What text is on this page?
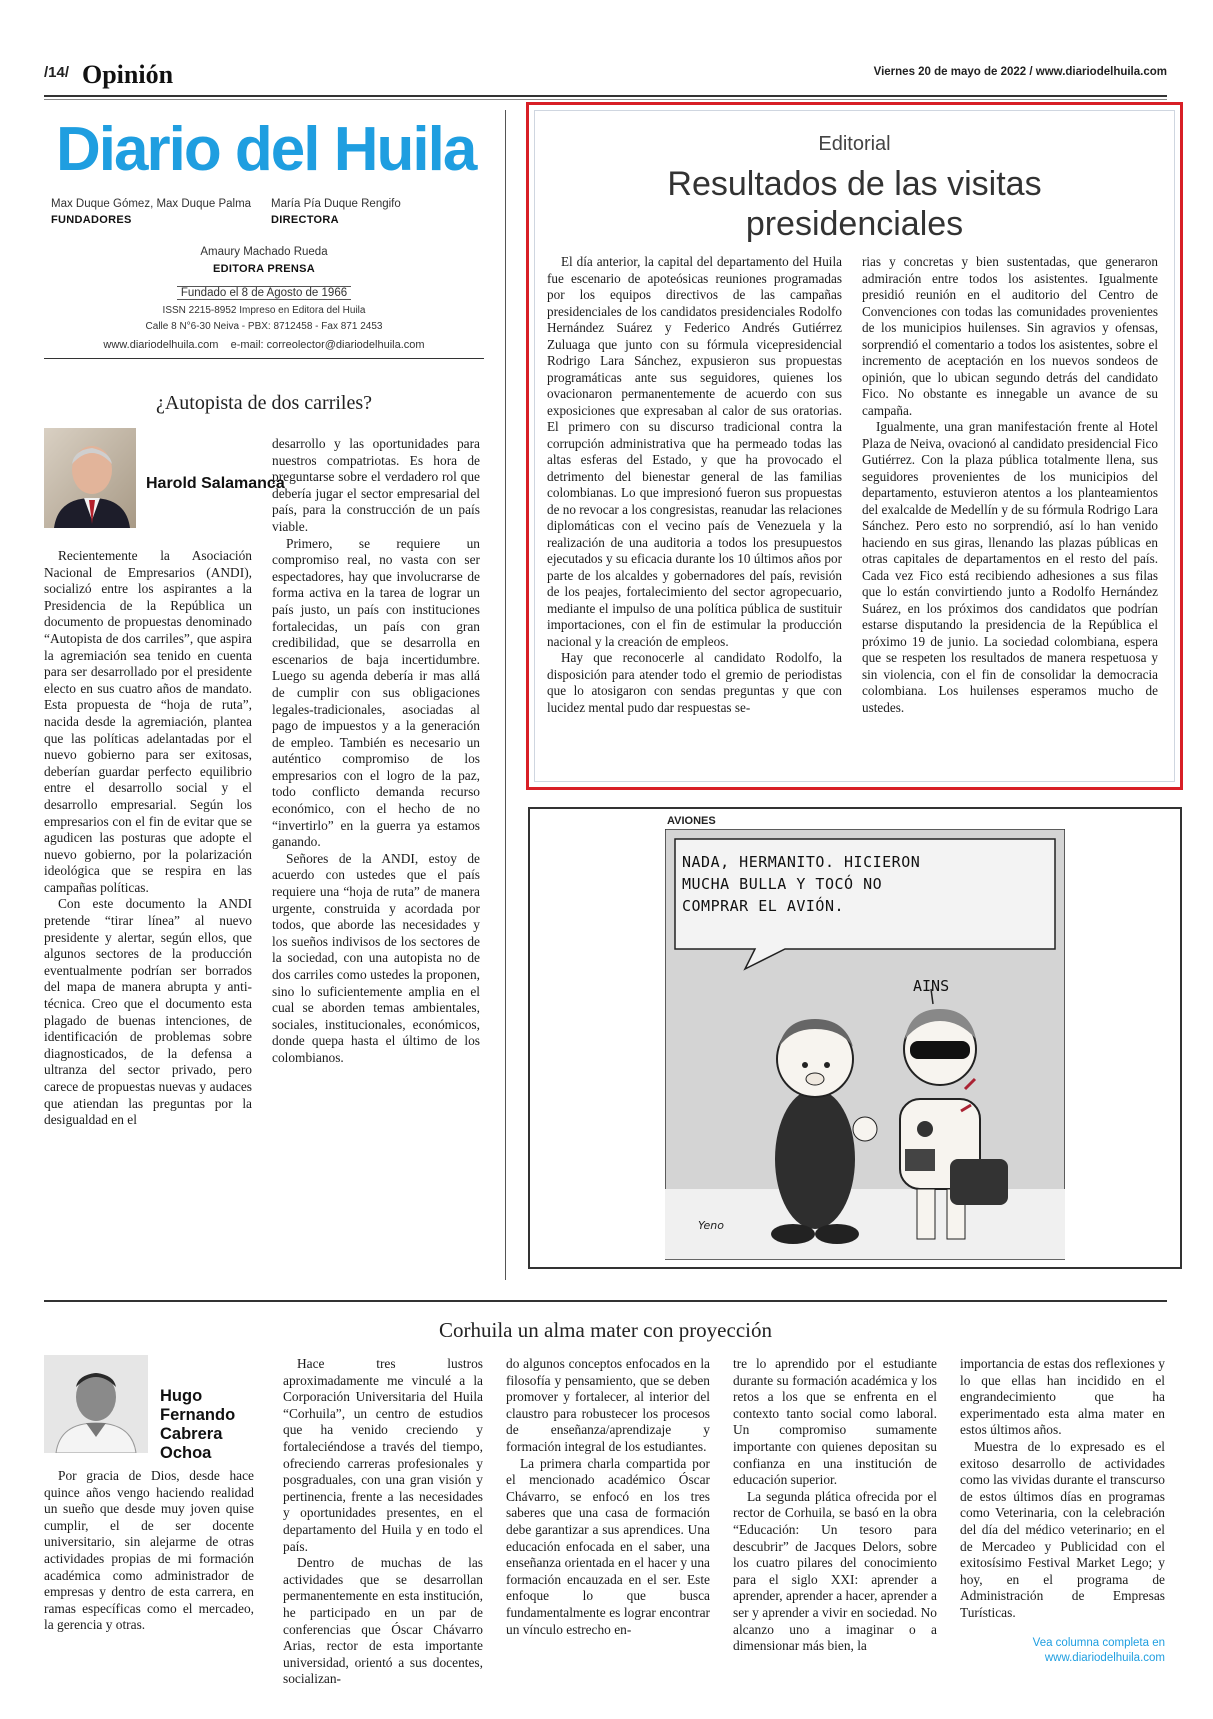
/14/ Opinión	Viernes 20 de mayo de 2022 / www.diariodelhuila.com
Diario del Huila
Max Duque Gómez, Max Duque Palma
FUNDADORES
María Pía Duque Rengifo
DIRECTORA
Amaury Machado Rueda
EDITORA PRENSA
Fundado el 8 de Agosto de 1966
ISSN 2215-8952 Impreso en Editora del Huila
Calle 8 N°6-30 Neiva - PBX: 8712458 - Fax 871 2453
www.diariodelhuila.com    e-mail: correolector@diariodelhuila.com
¿Autopista de dos carriles?
Harold Salamanca

Recientemente la Asociación Nacional de Empresarios (ANDI), socializó entre los aspirantes a la Presidencia de la República un documento de propuestas denominado “Autopista de dos carriles”, que aspira la agremiación sea tenido en cuenta para ser desarrollado por el presidente electo en sus cuatro años de mandato. Esta propuesta de “hoja de ruta”, nacida desde la agremiación, plantea que las políticas adelantadas por el nuevo gobierno para ser exitosas, deberían guardar perfecto equilibrio entre el desarrollo social y el desarrollo empresarial. Según los empresarios con el fin de evitar que se agudicen las posturas que adopte el nuevo gobierno, por la polarización ideológica que se respira en las campañas políticas.

Con este documento la ANDI pretende “tirar línea” al nuevo presidente y alertar, según ellos, que algunos sectores de la producción eventualmente podrían ser borrados del mapa de manera abrupta y anti-técnica. Creo que el documento esta plagado de buenas intenciones, de identificación de problemas sobre diagnosticados, de la defensa a ultranza del sector privado, pero carece de propuestas nuevas y audaces que atiendan las preguntas por la desigualdad en el

desarrollo y las oportunidades para nuestros compatriotas. Es hora de preguntarse sobre el verdadero rol que debería jugar el sector empresarial del país, para la construcción de un país viable.

Primero, se requiere un compromiso real, no vasta con ser espectadores, hay que involucrarse de forma activa en la tarea de lograr un país justo, un país con instituciones fortalecidas, un país con gran credibilidad, que se desarrolla en escenarios de baja incertidumbre. Luego su agenda debería ir mas allá de cumplir con sus obligaciones legales-tradicionales, asociadas al pago de impuestos y a la generación de empleo. También es necesario un auténtico compromiso de los empresarios con el logro de la paz, todo conflicto demanda recurso económico, con el hecho de no “invertirlo” en la guerra ya estamos ganando.

Señores de la ANDI, estoy de acuerdo con ustedes que el país requiere una “hoja de ruta” de manera urgente, construida y acordada por todos, que aborde las necesidades y los sueños indivisos de los sectores de la sociedad, con una autopista no de dos carriles como ustedes la proponen, sino lo suficientemente amplia en el cual se aborden temas ambientales, sociales, institucionales, económicos, donde quepa hasta el último de los colombianos.

Editorial
Resultados de las visitas
presidenciales

El día anterior, la capital del departamento del Huila fue escenario de apoteósicas reuniones programadas por los equipos directivos de las campañas presidenciales de los candidatos presidenciales Rodolfo Hernández Suárez y Federico Andrés Gutiérrez Zuluaga que junto con su fórmula vicepresidencial Rodrigo Lara Sánchez, expusieron sus propuestas programáticas ante sus seguidores, quienes los ovacionaron permanentemente de acuerdo con sus exposiciones que expresaban al calor de sus oratorias. El primero con su discurso tradicional contra la corrupción administrativa que ha permeado todas las altas esferas del Estado, y que ha provocado el detrimento del bienestar general de las familias colombianas. Lo que impresionó fueron sus propuestas de no revocar a los congresistas, reanudar las relaciones diplomáticas con el vecino país de Venezuela y la realización de una auditoria a todos los presupuestos ejecutados y su eficacia durante los 10 últimos años por parte de los alcaldes y gobernadores del país, revisión de los peajes, fortalecimiento del sector agropecuario, mediante el impulso de una política pública de sustituir importaciones, con el fin de estimular la producción nacional y la creación de empleos.

Hay que reconocerle al candidato Rodolfo, la disposición para atender todo el gremio de periodistas que lo atosigaron con sendas preguntas y que con lucidez mental pudo dar respuestas se-

rias y concretas y bien sustentadas, que generaron admiración entre todos los asistentes. Igualmente presidió reunión en el auditorio del Centro de Convenciones con todas las comunidades provenientes de los municipios huilenses. Sin agravios y ofensas, sorprendió el comentario a todos los asistentes, sobre el incremento de aceptación en los nuevos sondeos de opinión, que lo ubican segundo detrás del candidato Fico. No obstante es innegable un avance de su campaña.

Igualmente, una gran manifestación frente al Hotel Plaza de Neiva, ovacionó al candidato presidencial Fico Gutiérrez. Con la plaza pública totalmente llena, sus seguidores provenientes de los municipios del departamento, estuvieron atentos a los planteamientos del exalcalde de Medellín y de su fórmula Rodrigo Lara Sánchez. Pero esto no sorprendió, así lo han venido haciendo en sus giras, llenando las plazas públicas en otras capitales de departamentos en el resto del país. Cada vez Fico está recibiendo adhesiones a sus filas que lo están convirtiendo junto a Rodolfo Hernández Suárez, en los próximos dos candidatos que podrían estarse disputando la presidencia de la República el próximo 19 de junio. La sociedad colombiana, espera que se respeten los resultados de manera respetuosa y sin violencia, con el fin de consolidar la democracia colombiana. Los huilenses esperamos mucho de ustedes.

AVIONES
NADA, HERMANITO. HICIERON
MUCHA BULLA Y TOCÓ NO
COMPRAR EL AVIÓN.
AINS
Yeno
Corhuila un alma mater con proyección
Hugo
Fernando
Cabrera
Ochoa

Por gracia de Dios, desde hace quince años vengo haciendo realidad un sueño que desde muy joven quise cumplir, el de ser docente universitario, sin alejarme de otras actividades propias de mi formación académica como administrador de empresas y dentro de esta carrera, en ramas específicas como el mercadeo, la gerencia y otras.

Hace tres lustros aproximadamente me vinculé a la Corporación Universitaria del Huila “Corhuila”, un centro de estudios que ha venido creciendo y fortaleciéndose a través del tiempo, ofreciendo carreras profesionales y posgraduales, con una gran visión y pertinencia, frente a las necesidades y oportunidades presentes, en el departamento del Huila y en todo el país.

Dentro de muchas de las actividades que se desarrollan permanentemente en esta institución, he participado en un par de conferencias que Óscar Chávarro Arias, rector de esta importante universidad, orientó a sus docentes, socializan-

do algunos conceptos enfocados en la filosofía y pensamiento, que se deben promover y fortalecer, al interior del claustro para robustecer los procesos de enseñanza/aprendizaje y formación integral de los estudiantes.

La primera charla compartida por el mencionado académico Óscar Chávarro, se enfocó en los tres saberes que una casa de formación debe garantizar a sus aprendices. Una educación enfocada en el saber, una enseñanza orientada en el hacer y una formación encauzada en el ser. Este enfoque lo que busca fundamentalmente es lograr encontrar un vínculo estrecho en-

tre lo aprendido por el estudiante durante su formación académica y los retos a los que se enfrenta en el contexto tanto social como laboral. Un compromiso sumamente importante con quienes depositan su confianza en una institución de educación superior.

La segunda plática ofrecida por el rector de Corhuila, se basó en la obra “Educación: Un tesoro para descubrir” de Jacques Delors, sobre los cuatro pilares del conocimiento para el siglo XXI: aprender a aprender, aprender a hacer, aprender a ser y aprender a vivir en sociedad. No alcanzo uno a imaginar o a dimensionar más bien, la

importancia de estas dos reflexiones y lo que ellas han incidido en el engrandecimiento que ha experimentado esta alma mater en estos últimos años.

Muestra de lo expresado es el exitoso desarrollo de actividades como las vividas durante el transcurso de estos últimos días en programas como Veterinaria, con la celebración del día del médico veterinario; en el de Mercadeo y Publicidad con el exitosísimo Festival Market Lego; y hoy, en el programa de Administración de Empresas Turísticas.

Vea columna completa en
www.diariodelhuila.com
